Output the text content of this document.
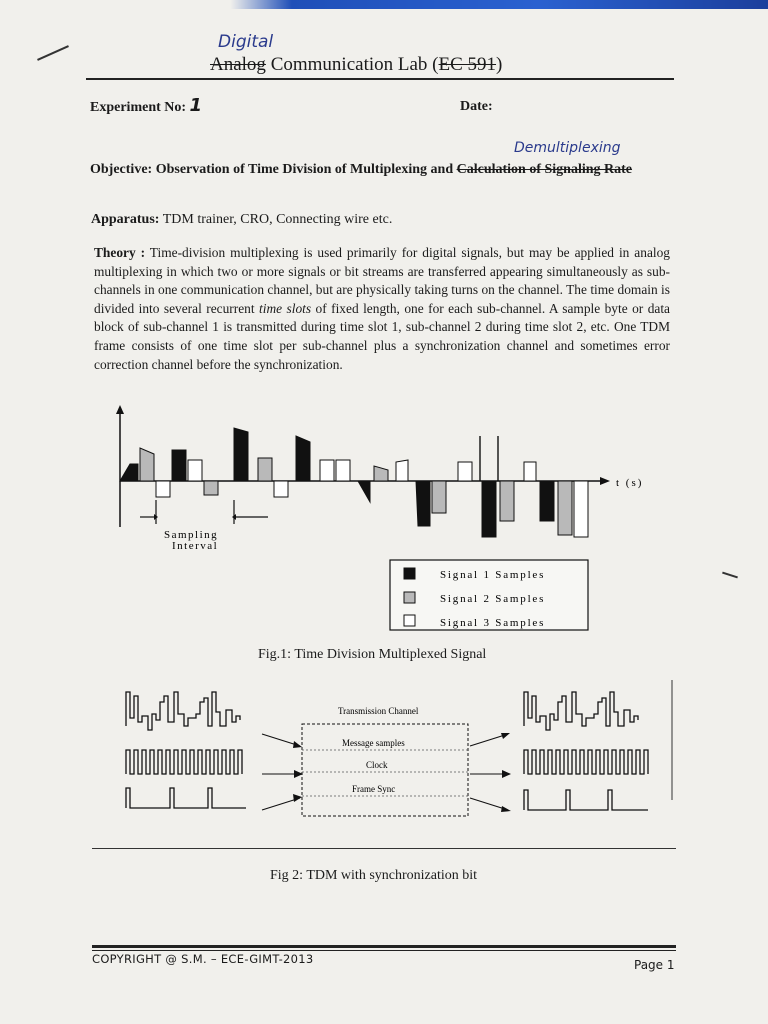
Digital
Analog Communication Lab (EC 591)
Experiment No: 1	Date:
Demultiplexing
Objective: Observation of Time Division of Multiplexing and Calculation of Signaling Rate
Apparatus: TDM trainer, CRO, Connecting wire etc.
Theory : Time-division multiplexing is used primarily for digital signals, but may be applied in analog multiplexing in which two or more signals or bit streams are transferred appearing simultaneously as sub-channels in one communication channel, but are physically taking turns on the channel. The time domain is divided into several recurrent time slots of fixed length, one for each sub-channel. A sample byte or data block of sub-channel 1 is transmitted during time slot 1, sub-channel 2 during time slot 2, etc. One TDM frame consists of one time slot per sub-channel plus a synchronization channel and sometimes error correction channel before the synchronization.
t (s)
Sampling
Interval
Signal 1 Samples
Signal 2 Samples
Signal 3 Samples
Fig.1: Time Division Multiplexed Signal
Transmission Channel
Message samples
Clock
Frame Sync
Fig 2: TDM with synchronization bit
COPYRIGHT @ S.M. – ECE-GIMT-2013	Page 1
